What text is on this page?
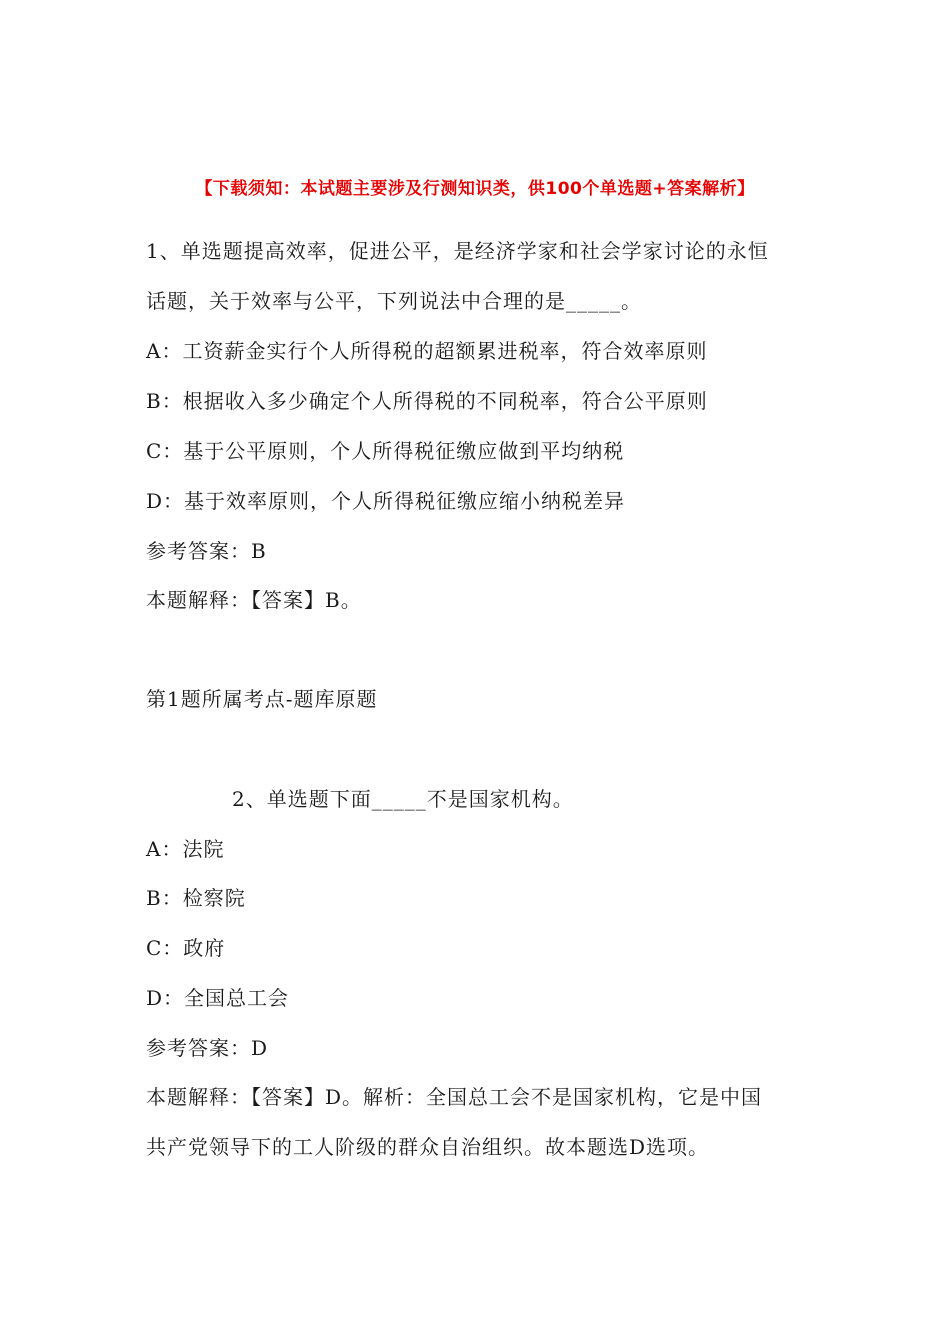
【下载须知：本试题主要涉及行测知识类，供100个单选题+答案解析】
1、单选题提高效率，促进公平，是经济学家和社会学家讨论的永恒
话题，关于效率与公平，下列说法中合理的是_____。
A：工资薪金实行个人所得税的超额累进税率，符合效率原则
B：根据收入多少确定个人所得税的不同税率，符合公平原则
C：基于公平原则，个人所得税征缴应做到平均纳税
D：基于效率原则，个人所得税征缴应缩小纳税差异
参考答案：B
本题解释：【答案】B。
第1题所属考点-题库原题
2、单选题下面_____不是国家机构。
A：法院
B：检察院
C：政府
D：全国总工会
参考答案：D
本题解释：【答案】D。解析：全国总工会不是国家机构，它是中国
共产党领导下的工人阶级的群众自治组织。故本题选D选项。
